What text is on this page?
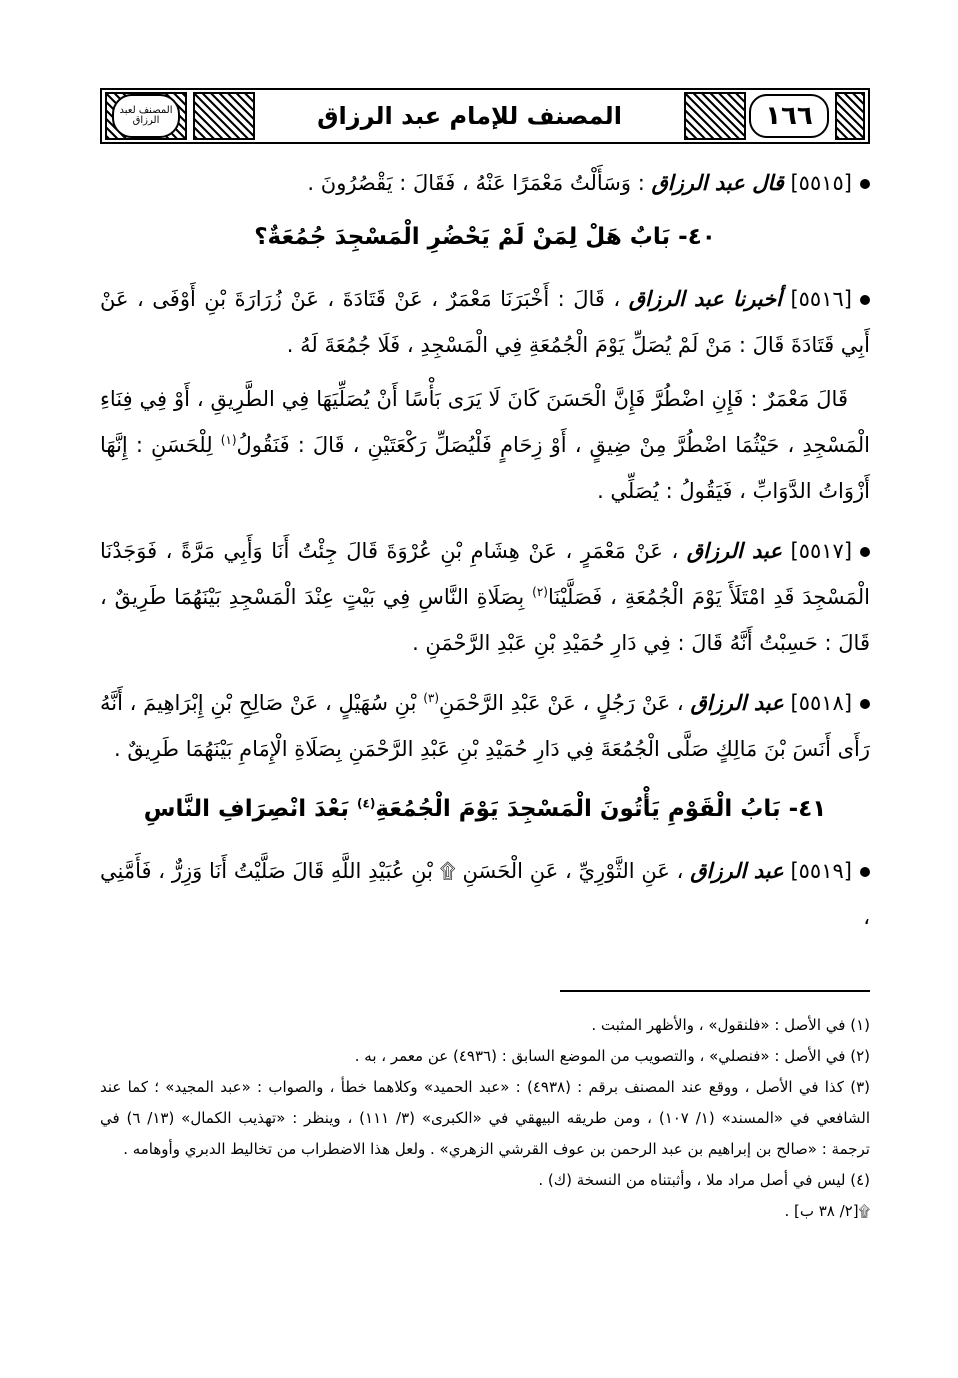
المصنف لعبد الرزاق	المصنف للإمام عبد الرزاق	١٦٦

[٥٥١٥] قال عبد الرزاق : وَسَأَلْتُ مَعْمَرًا عَنْهُ ، فَقَالَ : يَقْصُرُونَ .

٤٠- بَابٌ هَلْ لِمَنْ لَمْ يَحْضُرِ الْمَسْجِدَ جُمُعَةٌ؟

[٥٥١٦] أخبرنا عبد الرزاق ، قَالَ : أَخْبَرَنَا مَعْمَرٌ ، عَنْ قَتَادَةَ ، عَنْ زُرَارَةَ بْنِ أَوْفَى ، عَنْ أَبِي قَتَادَةَ قَالَ : مَنْ لَمْ يُصَلِّ يَوْمَ الْجُمُعَةِ فِي الْمَسْجِدِ ، فَلَا جُمُعَةَ لَهُ .

قَالَ مَعْمَرٌ : فَإِنِ اضْطُرَّ فَإِنَّ الْحَسَنَ كَانَ لَا يَرَى بَأْسًا أَنْ يُصَلِّيَهَا فِي الطَّرِيقِ ، أَوْ فِي فِنَاءِ الْمَسْجِدِ ، حَيْثُمَا اضْطُرَّ مِنْ ضِيقٍ ، أَوْ زِحَامٍ فَلْيُصَلِّ رَكْعَتَيْنِ ، قَالَ : فَنَقُولُ$^{(١)}$ لِلْحَسَنِ : إِنَّهَا أَزْوَاتُ الدَّوَابِّ ، فَيَقُولُ : يُصَلِّي .

[٥٥١٧] عبد الرزاق ، عَنْ مَعْمَرٍ ، عَنْ هِشَامِ بْنِ عُرْوَةَ قَالَ جِئْتُ أَنَا وَأَبِي مَرَّةً ، فَوَجَدْنَا الْمَسْجِدَ قَدِ امْتَلَأَ يَوْمَ الْجُمُعَةِ ، فَصَلَّيْنَا$^{(٢)}$ بِصَلَاةِ النَّاسِ فِي بَيْتٍ عِنْدَ الْمَسْجِدِ بَيْنَهُمَا طَرِيقٌ ، قَالَ : حَسِبْتُ أَنَّهُ قَالَ : فِي دَارِ حُمَيْدِ بْنِ عَبْدِ الرَّحْمَنِ .

[٥٥١٨] عبد الرزاق ، عَنْ رَجُلٍ ، عَنْ عَبْدِ الرَّحْمَنِ$^{(٣)}$ بْنِ سُهَيْلٍ ، عَنْ صَالِحِ بْنِ إِبْرَاهِيمَ ، أَنَّهُ رَأَى أَنَسَ بْنَ مَالِكٍ صَلَّى الْجُمُعَةَ فِي دَارِ حُمَيْدِ بْنِ عَبْدِ الرَّحْمَنِ بِصَلَاةِ الْإِمَامِ بَيْنَهُمَا طَرِيقٌ .

٤١- بَابُ الْقَوْمِ يَأْتُونَ الْمَسْجِدَ يَوْمَ الْجُمُعَةِ$^{(٤)}$ بَعْدَ انْصِرَافِ النَّاسِ

[٥٥١٩] عبد الرزاق ، عَنِ الثَّوْرِيِّ ، عَنِ الْحَسَنِ ۩ بْنِ عُبَيْدِ اللَّهِ قَالَ صَلَّيْتُ أَنَا وَزِرٌّ ، فَأَمَّنِي ،

(١) في الأصل : «فلنقول» ، والأظهر المثبت .

(٢) في الأصل : «فنصلي» ، والتصويب من الموضع السابق : (٤٩٣٦) عن معمر ، به .

(٣) كذا في الأصل ، ووقع عند المصنف برقم : (٤٩٣٨) : «عبد الحميد» وكلاهما خطأ ، والصواب : «عبد المجيد» ؛ كما عند الشافعي في «المسند» (١/ ١٠٧) ، ومن طريقه البيهقي في «الكبرى» (٣/ ١١١) ، وينظر : «تهذيب الكمال» (١٣/ ٦) في ترجمة : «صالح بن إبراهيم بن عبد الرحمن بن عوف القرشي الزهري» . ولعل هذا الاضطراب من تخاليط الدبري وأوهامه .

(٤) ليس في أصل مراد ملا ، وأثبتناه من النسخة (ك) .

۩[٢/ ٣٨ ب] .
